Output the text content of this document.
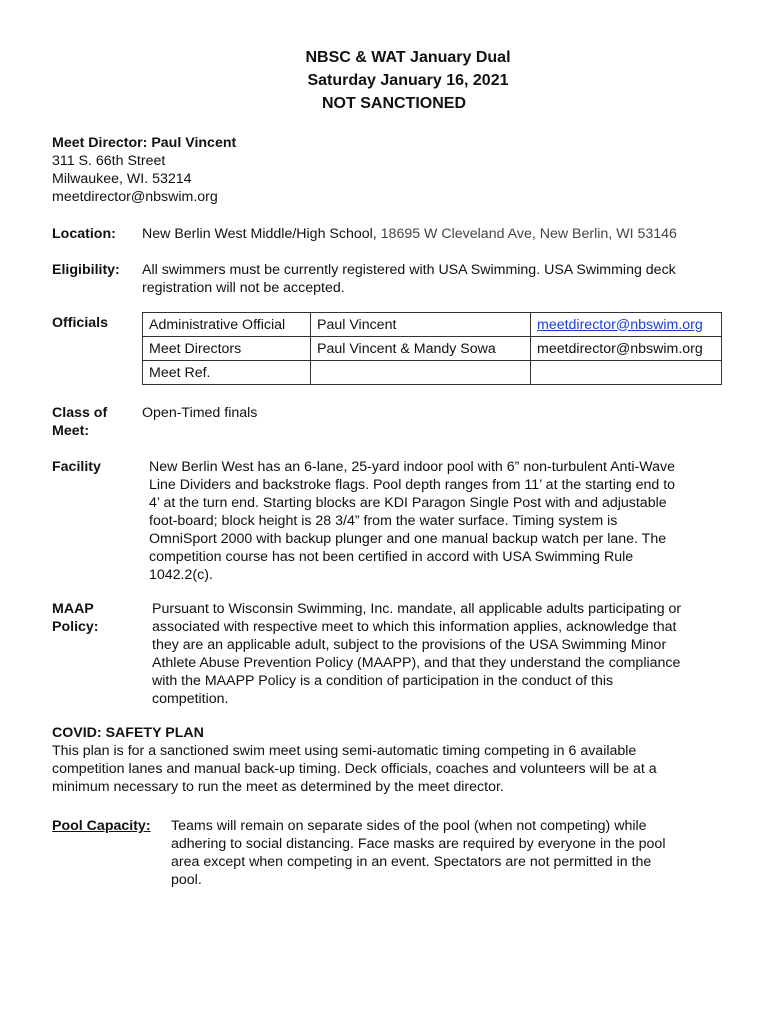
NBSC & WAT January Dual
Saturday January 16, 2021
NOT SANCTIONED
Meet Director: Paul Vincent
311 S. 66th Street
Milwaukee, WI. 53214
meetdirector@nbswim.org
Location:	New Berlin West Middle/High School, 18695 W Cleveland Ave, New Berlin, WI 53146
Eligibility:	All swimmers must be currently registered with USA Swimming. USA Swimming deck
registration will not be accepted.
Officials	Administrative Official	Paul Vincent	meetdirector@nbswim.org
Meet Directors	Paul Vincent & Mandy Sowa	meetdirector@nbswim.org
Meet Ref.		
Class of
Meet:
Open-Timed finals
Facility	New Berlin West has an 6-lane, 25-yard indoor pool with 6” non-turbulent Anti-Wave
Line Dividers and backstroke flags. Pool depth ranges from 11’ at the starting end to
4’ at the turn end. Starting blocks are KDI Paragon Single Post with and adjustable
foot-board; block height is 28 3/4” from the water surface. Timing system is
OmniSport 2000 with backup plunger and one manual backup watch per lane. The
competition course has not been certified in accord with USA Swimming Rule
1042.2(c).
MAAP
Policy:
Pursuant to Wisconsin Swimming, Inc. mandate, all applicable adults participating or
associated with respective meet to which this information applies, acknowledge that
they are an applicable adult, subject to the provisions of the USA Swimming Minor
Athlete Abuse Prevention Policy (MAAPP), and that they understand the compliance
with the MAAPP Policy is a condition of participation in the conduct of this
competition.
COVID: SAFETY PLAN
This plan is for a sanctioned swim meet using semi-automatic timing competing in 6 available
competition lanes and manual back-up timing. Deck officials, coaches and volunteers will be at a
minimum necessary to run the meet as determined by the meet director.
Pool Capacity: Teams will remain on separate sides of the pool (when not competing) while
adhering to social distancing. Face masks are required by everyone in the pool
area except when competing in an event. Spectators are not permitted in the
pool.
